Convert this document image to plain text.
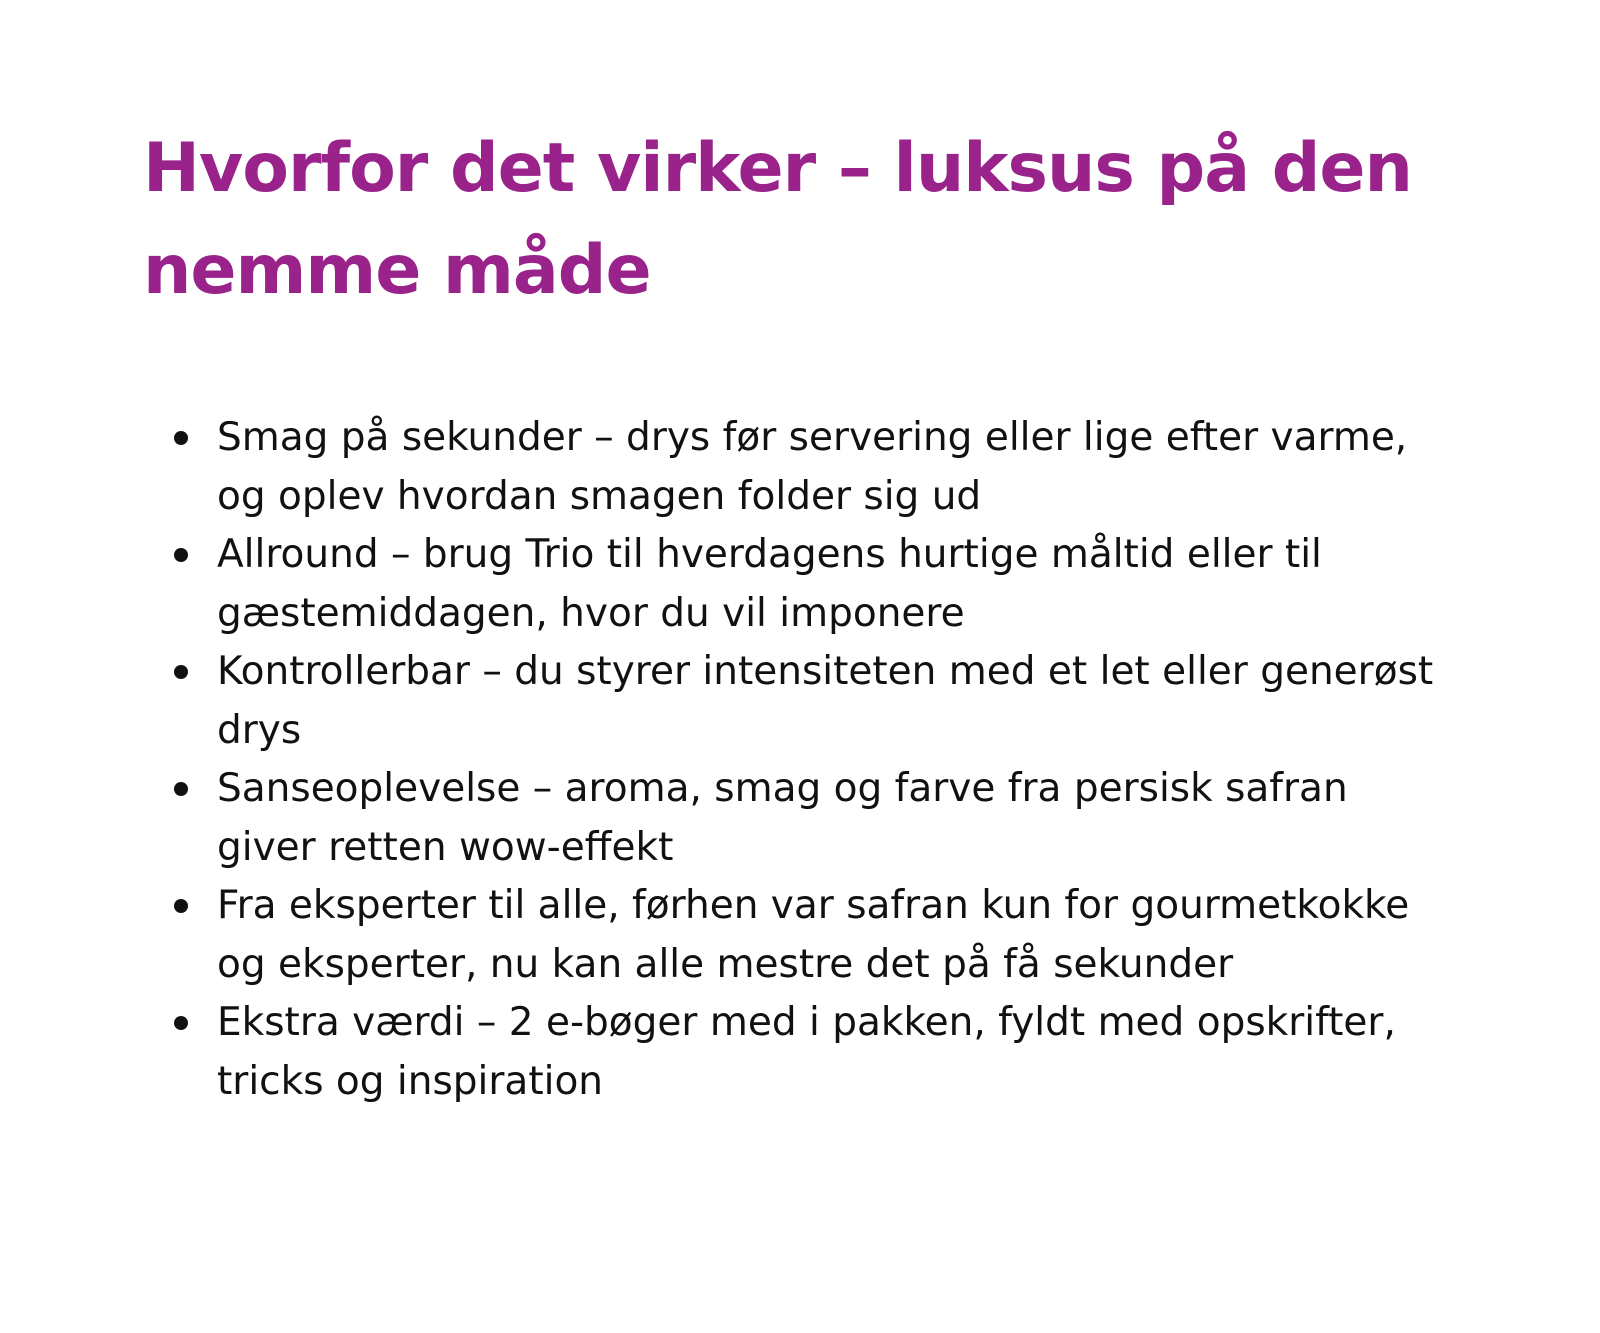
Hvorfor det virker – luksus på den nemme måde
Smag på sekunder – drys før servering eller lige efter varme, og oplev hvordan smagen folder sig ud
Allround – brug Trio til hverdagens hurtige måltid eller til gæstemiddagen, hvor du vil imponere
Kontrollerbar – du styrer intensiteten med et let eller generøst drys
Sanseoplevelse – aroma, smag og farve fra persisk safran giver retten wow-effekt
Fra eksperter til alle, førhen var safran kun for gourmetkokke og eksperter, nu kan alle mestre det på få sekunder
Ekstra værdi – 2 e-bøger med i pakken, fyldt med opskrifter, tricks og inspiration
